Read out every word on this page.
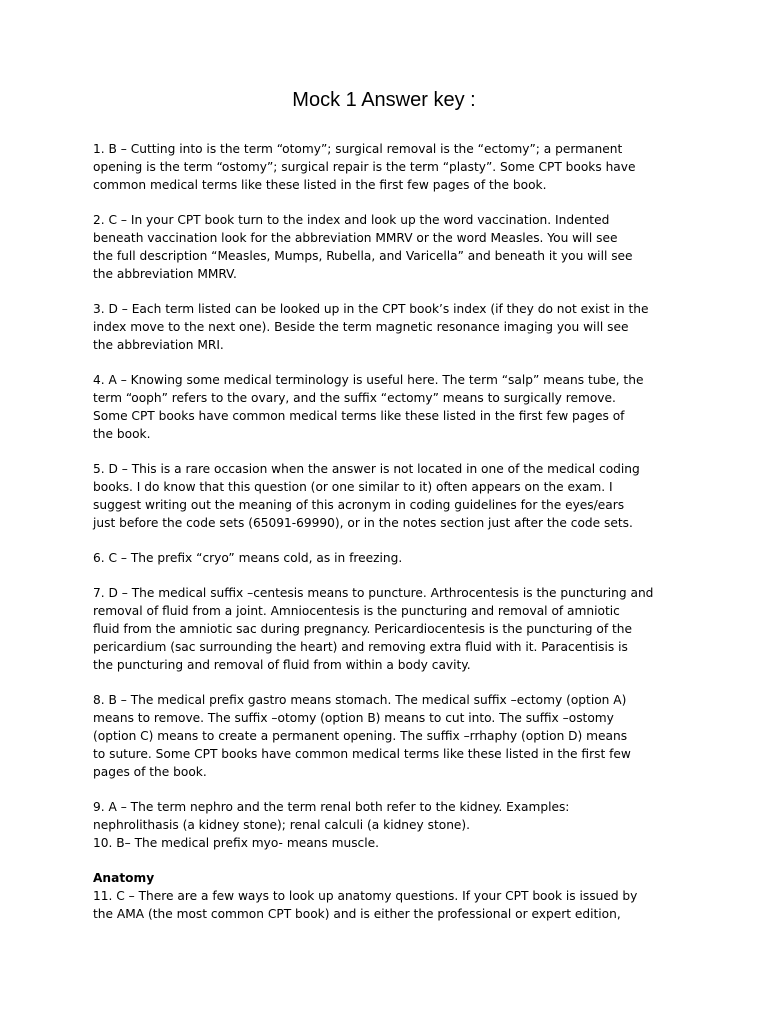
Mock 1 Answer key :
1. B – Cutting into is the term “otomy”; surgical removal is the “ectomy”; a permanent
opening is the term “ostomy”; surgical repair is the term “plasty”. Some CPT books have
common medical terms like these listed in the first few pages of the book.
2. C – In your CPT book turn to the index and look up the word vaccination. Indented
beneath vaccination look for the abbreviation MMRV or the word Measles. You will see
the full description “Measles, Mumps, Rubella, and Varicella” and beneath it you will see
the abbreviation MMRV.
3. D – Each term listed can be looked up in the CPT book’s index (if they do not exist in the
index move to the next one). Beside the term magnetic resonance imaging you will see
the abbreviation MRI.
4. A – Knowing some medical terminology is useful here. The term “salp” means tube, the
term “ooph” refers to the ovary, and the suffix “ectomy” means to surgically remove.
Some CPT books have common medical terms like these listed in the first few pages of
the book.
5. D – This is a rare occasion when the answer is not located in one of the medical coding
books. I do know that this question (or one similar to it) often appears on the exam. I
suggest writing out the meaning of this acronym in coding guidelines for the eyes/ears
just before the code sets (65091-69990), or in the notes section just after the code sets.
6. C – The prefix “cryo” means cold, as in freezing.
7. D – The medical suffix –centesis means to puncture. Arthrocentesis is the puncturing and
removal of fluid from a joint. Amniocentesis is the puncturing and removal of amniotic
fluid from the amniotic sac during pregnancy. Pericardiocentesis is the puncturing of the
pericardium (sac surrounding the heart) and removing extra fluid with it. Paracentisis is
the puncturing and removal of fluid from within a body cavity.
8. B – The medical prefix gastro means stomach. The medical suffix –ectomy (option A)
means to remove. The suffix –otomy (option B) means to cut into. The suffix –ostomy
(option C) means to create a permanent opening. The suffix –rrhaphy (option D) means
to suture. Some CPT books have common medical terms like these listed in the first few
pages of the book.
9. A – The term nephro and the term renal both refer to the kidney. Examples:
nephrolithasis (a kidney stone); renal calculi (a kidney stone).
10. B– The medical prefix myo- means muscle.
Anatomy
11. C – There are a few ways to look up anatomy questions. If your CPT book is issued by
the AMA (the most common CPT book) and is either the professional or expert edition,
